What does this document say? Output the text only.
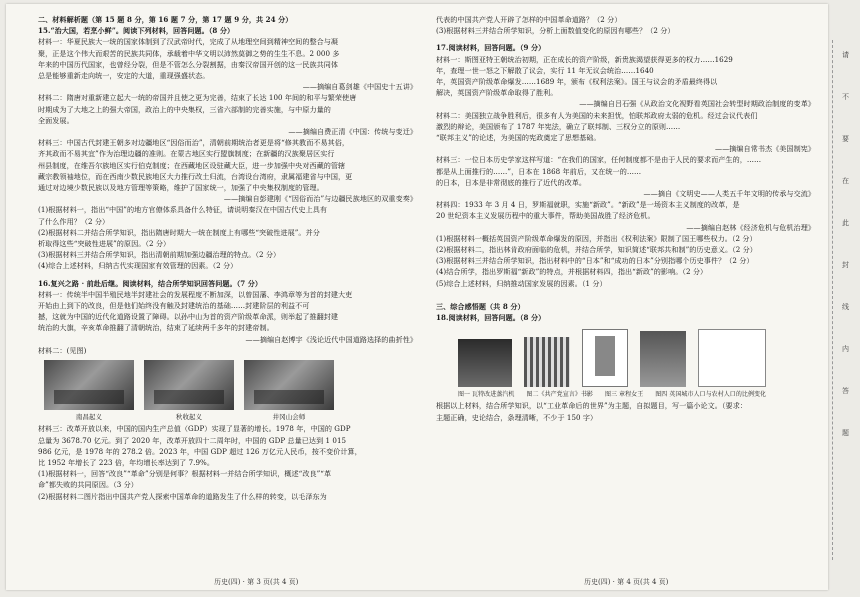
二、材料解析题（第 15 题 8 分，第 16 题 7 分，第 17 题 9 分，共 24 分）
15.“治大国，若烹小鲜”。阅读下列材料，回答问题。（8 分）
材料一：华夏民族大一统的国家体制到了汉武帝时代，完成了从地理空间到精神空间的整合与凝
聚，正是这个伟大而艰苦的民族共同体，承载着中华文明以沛然莫御之势的生生不息。2 000 多
年来的中国历代国家，也曾经分裂，但是不管怎么分裂割据，由秦汉帝国开创的这一民族共同体
总是能够重新走向统一，安定的大道，重现强盛状态。
——摘编自葛剑雄《中国史十五讲》
材料二：隋唐对重新建立起大一统的帝国并且使之更为完善，结束了长达 100 年间的和平与繁荣使唐
时期成为了大地之上的强大帝国，政治上的中央集权，三省六部制的完善实施，与中原力量的
全面发展。
——摘编自费正清《中国：传统与变迁》
材料三：中国古代封建王朝多对边疆地区“因俗而治”，清朝前期统治者更是将“修其教而不易其俗，
齐其政而不易其宜”作为治理边疆的准则。在蒙古地区实行盟旗制度；在新疆的汉族聚居区实行
州县制度，在维吾尔族地区实行伯克制度；在西藏地区设驻藏大臣，进一步加强中央对西藏的管辖
藏宗教领袖地位，而在西南少数民族地区大力推行改土归流，台湾设台湾府，隶属福建省与中国，更
通过对边境少数民族以及地方管理等策略，维护了国家统一，加强了中央集权制度的管理。
——摘编自彭建刚《“因俗而治”与边疆民族地区的双重变奏》
(1)根据材料一，指出“中国”的地方官僚体系具备什么特征，请说明秦汉在中国古代史上具有
了什么作用？（2 分）
(2)根据材料二并结合所学知识，指出隋唐时期大一统在制度上有哪些“突破性进展”。并分
析取得这些“突破性进展”的原因。（2 分）
(3)根据材料三并结合所学知识，指出清朝前期加强边疆治理的特点。（2 分）
(4)综合上述材料，归纳古代实现国家有效管理的因素。（2 分）
16.复兴之路 · 前赴后继。阅读材料，结合所学知识回答问题。（7 分）
材料一：传统半中国半殖民地半封建社会的发展程度不断加深，以曾国藩、李鸿章等为首的封建大吏
开始由上到下的改良，但是他们始终没有触及封建统治的基础……封建阶层的利益不可
撼，这就为中国的近代化道路设置了障碍。以孙中山为首的资产阶级革命派，则举起了推翻封建
统治的大旗，辛亥革命推翻了清朝统治，结束了延续两千多年的封建帝制。
——摘编自赵博宇《浅论近代中国道路选择的曲折性》
材料二：(见图)
南昌起义	秋收起义	井冈山会师
材料三：改革开放以来，中国的国内生产总值（GDP）实现了显著的增长。1978 年，中国的 GDP
总量为 3678.70 亿元。到了 2020 年，改革开放四十二周年时，中国的 GDP 总量已达到 1 015
986 亿元，是 1978 年的 278.2 倍。2023 年，中国 GDP 超过 126 万亿元人民币，按不变价计算，
比 1952 年增长了 223 倍，年均增长率达到了 7.9%。
(1)根据材料一，回答“改良”“革命”分别是何事？根据材料一并结合所学知识，概述“改良”“革
命”都失败的共同原因。（3 分）
(2)根据材料二图片指出中国共产党人探索中国革命的道路发生了什么样的转变，以毛泽东为
代表的中国共产党人开辟了怎样的中国革命道路？（2 分）
(3)根据材料三并结合所学知识，分析上面数值变化的原因有哪些？（2 分）
17.阅读材料，回答问题。（9 分）
材料一：斯图亚特王朝统治初期，正在成长的资产阶级，新贵族渴望获得更多的权力……1629
年，查理一世一怒之下解散了议会，实行 11 年无议会统治……1640
年，英国资产阶级革命爆发……1689 年，颁布《权利法案》。国王与议会的矛盾最终得以
解决，英国资产阶级革命取得了胜利。
——摘编自吕石强《从政治文化视野看英国社会转型时期政治制度的变革》
材料二：美国独立战争胜利后，很多有人为美国的未来担忧，怕联邦政府太弱的危机。经过会议代表们
激烈的辩论，美国颁布了 1787 年宪法，确立了联邦制、三权分立的原则……
“联邦主义”的论述，为美国的宪政奠定了思想基础。
——摘编自常书杰《美国制宪》
材料三：一位日本历史学家这样写道：“在我们的国家，任何制度都不是由于人民的要求而产生的，……
都是从上面推行的……”，日本在 1868 年前后，又在统一的……
的日本，日本是非常彻底的推行了近代的改革。
——摘自《文明史——人类五千年文明的传承与交流》
材料四：1933 年 3 月 4 日，罗斯福就职，实施“新政”。“新政”是一场资本主义制度的改革，是
20 世纪资本主义发展历程中的重大事件，帮助美国战胜了经济危机。
——摘编自赵林《经济危机与危机治理》
(1)根据材料一概括英国资产阶级革命爆发的原因，并指出《权利法案》限制了国王哪些权力。（2 分）
(2)根据材料二，指出林肯政府面临的危机，并结合所学，知识简述“联邦共和制”的历史意义。（2 分）
(3)根据材料三并结合所学知识，指出材料中的“日本”和“成功的日本”分别指哪个历史事件？（2 分）
(4)结合所学，指出罗斯福“新政”的特点，并根据材料四，指出“新政”的影响。（2 分）
(5)综合上述材料，归纳推动国家发展的因素。（1 分）
三、综合感悟题（共 8 分）
18.阅读材料，回答问题。（8 分）
图一 瓦特改进蒸汽机 图二《共产党宣言》书影 图三 章程女王 图四 英国城市人口与农村人口的比例变化
根据以上材料，结合所学知识，以“工业革命后的世界”为主题，自拟题目，写一篇小论文。（要求：
主题正确，史论结合，条理清晰，不少于 150 字）
历史(四) · 第 3 页(共 4 页)	历史(四) · 第 4 页(共 4 页)
请
不
要
在
此
封
线
内
答
题
